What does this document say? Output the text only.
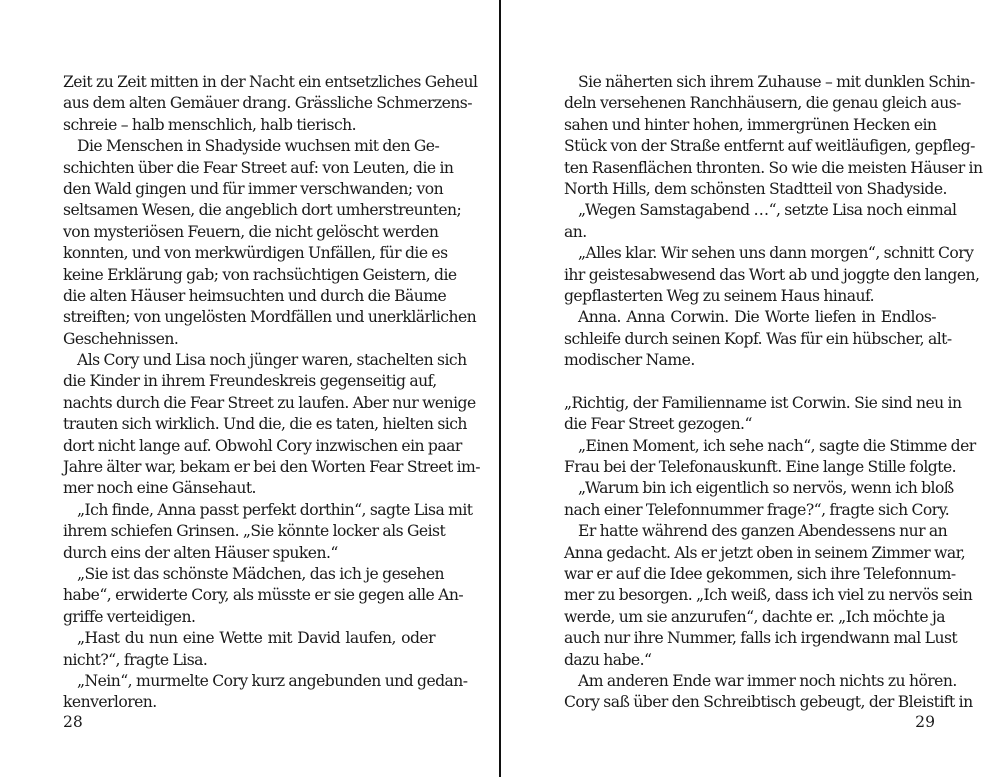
Zeit zu Zeit mitten in der Nacht ein entsetzliches Geheul
aus dem alten Gemäuer drang. Grässliche Schmerzens-
schreie – halb menschlich, halb tierisch.
Die Menschen in Shadyside wuchsen mit den Ge-
schichten über die Fear Street auf: von Leuten, die in
den Wald gingen und für immer verschwanden; von
seltsamen Wesen, die angeblich dort umherstreunten;
von mysteriösen Feuern, die nicht gelöscht werden
konnten, und von merkwürdigen Unfällen, für die es
keine Erklärung gab; von rachsüchtigen Geistern, die
die alten Häuser heimsuchten und durch die Bäume
streiften; von ungelösten Mordfällen und unerklärlichen
Geschehnissen.
Als Cory und Lisa noch jünger waren, stachelten sich
die Kinder in ihrem Freundeskreis gegenseitig auf,
nachts durch die Fear Street zu laufen. Aber nur wenige
trauten sich wirklich. Und die, die es taten, hielten sich
dort nicht lange auf. Obwohl Cory inzwischen ein paar
Jahre älter war, bekam er bei den Worten Fear Street im-
mer noch eine Gänsehaut.
„Ich finde, Anna passt perfekt dorthin“, sagte Lisa mit
ihrem schiefen Grinsen. „Sie könnte locker als Geist
durch eins der alten Häuser spuken.“
„Sie ist das schönste Mädchen, das ich je gesehen
habe“, erwiderte Cory, als müsste er sie gegen alle An-
griffe verteidigen.
„Hast du nun eine Wette mit David laufen, oder
nicht?“, fragte Lisa.
„Nein“, murmelte Cory kurz angebunden und gedan-
kenverloren.
28
Sie näherten sich ihrem Zuhause – mit dunklen Schin-
deln versehenen Ranchhäusern, die genau gleich aus-
sahen und hinter hohen, immergrünen Hecken ein
Stück von der Straße entfernt auf weitläufigen, gepfleg-
ten Rasenflächen thronten. So wie die meisten Häuser in
North Hills, dem schönsten Stadtteil von Shadyside.
„Wegen Samstagabend …“, setzte Lisa noch einmal
an.
„Alles klar. Wir sehen uns dann morgen“, schnitt Cory
ihr geistesabwesend das Wort ab und joggte den langen,
gepflasterten Weg zu seinem Haus hinauf.
Anna. Anna Corwin. Die Worte liefen in Endlos-
schleife durch seinen Kopf. Was für ein hübscher, alt-
modischer Name.
„Richtig, der Familienname ist Corwin. Sie sind neu in
die Fear Street gezogen.“
„Einen Moment, ich sehe nach“, sagte die Stimme der
Frau bei der Telefonauskunft. Eine lange Stille folgte.
„Warum bin ich eigentlich so nervös, wenn ich bloß
nach einer Telefonnummer frage?“, fragte sich Cory.
Er hatte während des ganzen Abendessens nur an
Anna gedacht. Als er jetzt oben in seinem Zimmer war,
war er auf die Idee gekommen, sich ihre Telefonnum-
mer zu besorgen. „Ich weiß, dass ich viel zu nervös sein
werde, um sie anzurufen“, dachte er. „Ich möchte ja
auch nur ihre Nummer, falls ich irgendwann mal Lust
dazu habe.“
Am anderen Ende war immer noch nichts zu hören.
Cory saß über den Schreibtisch gebeugt, der Bleistift in
29
